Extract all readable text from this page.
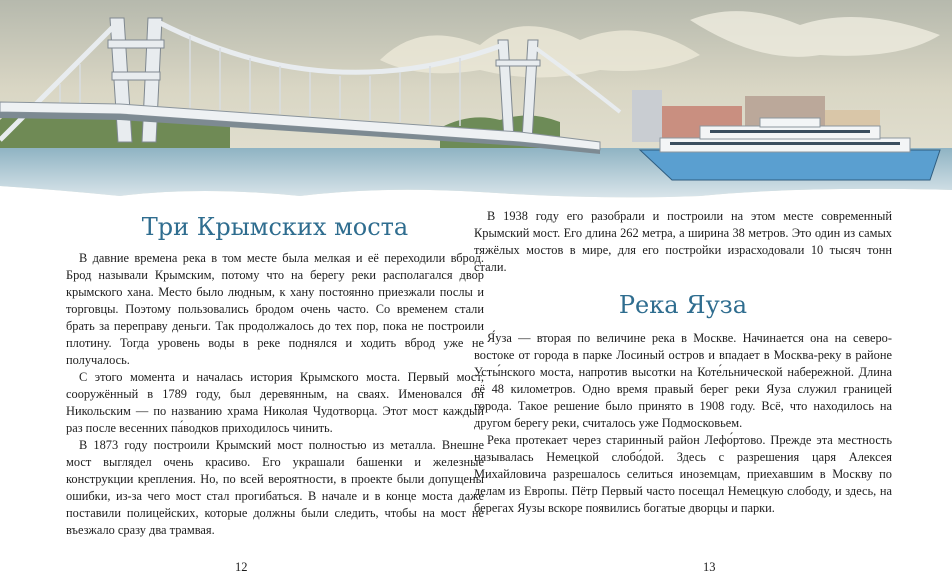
Три Крымских моста

В давние времена река в том месте была мелкая и её переходили вброд. Брод называли Крымским, потому что на берегу реки располагался двор крымского хана. Место было людным, к хану постоянно приезжали послы и торговцы. Поэтому пользовались бродом очень часто. Со временем стали брать за переправу деньги. Так продолжалось до тех пор, пока не построили плотину. Тогда уровень воды в реке поднялся и ходить вброд уже не получалось.

С этого момента и началась история Крымского моста. Первый мост, сооружённый в 1789 году, был деревянным, на сваях. Именовался он Никольским — по названию храма Николая Чудотворца. Этот мост каждый раз после весенних па́водков приходилось чинить.

В 1873 году построили Крымский мост полностью из металла. Внешне мост выглядел очень красиво. Его украшали башенки и железные конструкции крепления. Но, по всей вероятности, в проекте были допущены ошибки, из-за чего мост стал прогибаться. В начале и в конце моста даже поставили полицейских, которые должны были следить, чтобы на мост не въезжало сразу два трамвая.

В 1938 году его разобрали и построили на этом месте современный Крымский мост. Его длина 262 метра, а ширина 38 метров. Это один из самых тяжёлых мостов в мире, для его постройки израсходовали 10 тысяч тонн стали.

Река Яуза

Я́уза — вторая по величине река в Москве. Начинается она на северо-востоке от города в парке Лосиный остров и впадает в Москва-реку в районе Усты́нского моста, напротив высотки на Коте́льнической набережной. Длина её 48 километров. Одно время правый берег реки Яуза служил границей города. Такое решение было принято в 1908 году. Всё, что находилось на другом берегу реки, считалось уже Подмосковьем.

Река протекает через старинный район Лефо́ртово. Прежде эта местность называлась Немецкой слобо́дой. Здесь с разрешения царя Алексея Михайловича разрешалось селиться иноземцам, приехавшим в Москву по делам из Европы. Пётр Первый часто посещал Немецкую слободу, и здесь, на берегах Яузы вскоре появились богатые дворцы и парки.

12	13
